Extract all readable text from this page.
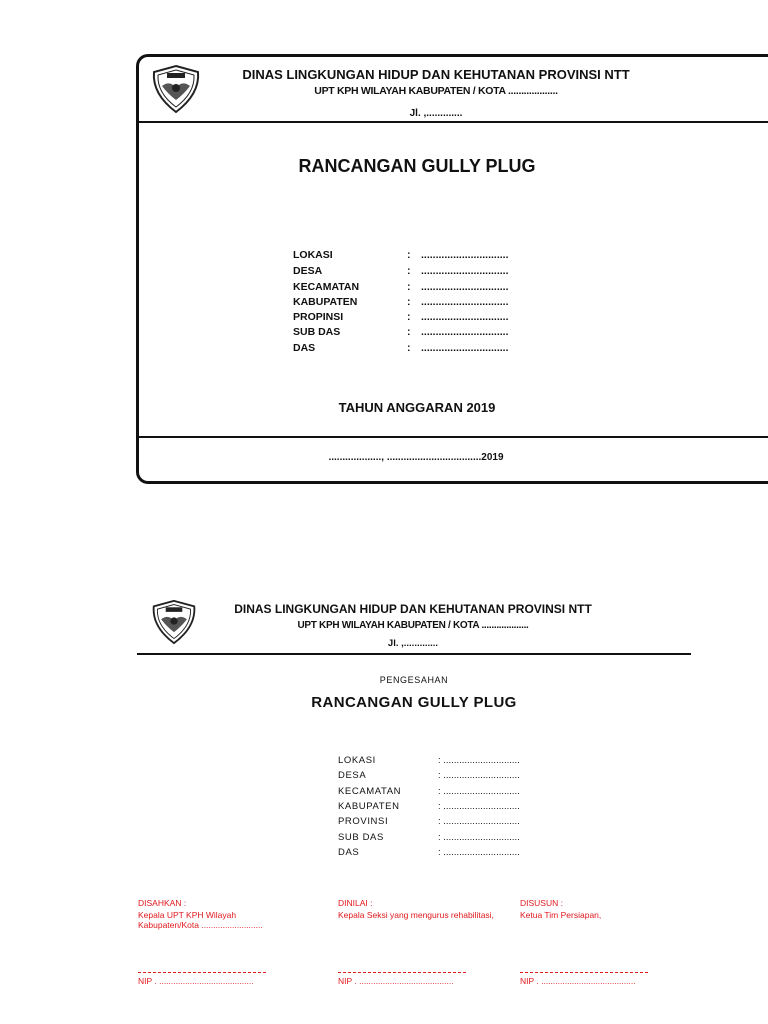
DINAS LINGKUNGAN HIDUP DAN KEHUTANAN PROVINSI NTT
UPT KPH WILAYAH KABUPATEN / KOTA ...................
Jl. ,.............
RANCANGAN GULLY PLUG
LOKASI	: ..............................
DESA	: ..............................
KECAMATAN	: ..............................
KABUPATEN	: ..............................
PROPINSI	: ..............................
SUB DAS	: ..............................
DAS	: ..............................
TAHUN ANGGARAN 2019
..................., ..................................2019
DINAS LINGKUNGAN HIDUP DAN KEHUTANAN PROVINSI NTT
UPT KPH WILAYAH KABUPATEN / KOTA ...................
Jl. ,.............
PENGESAHAN
RANCANGAN GULLY PLUG
LOKASI	: .............................
DESA	: .............................
KECAMATAN	: .............................
KABUPATEN	: .............................
PROVINSI	: .............................
SUB DAS	: .............................
DAS	: .............................
DISAHKAN :
Kepala UPT KPH Wilayah
Kabupaten/Kota ..........................
NIP . ........................................
DINILAI :
Kepala Seksi yang mengurus rehabilitasi,
NIP . ........................................
DISUSUN :
Ketua Tim Persiapan,
NIP . ........................................
